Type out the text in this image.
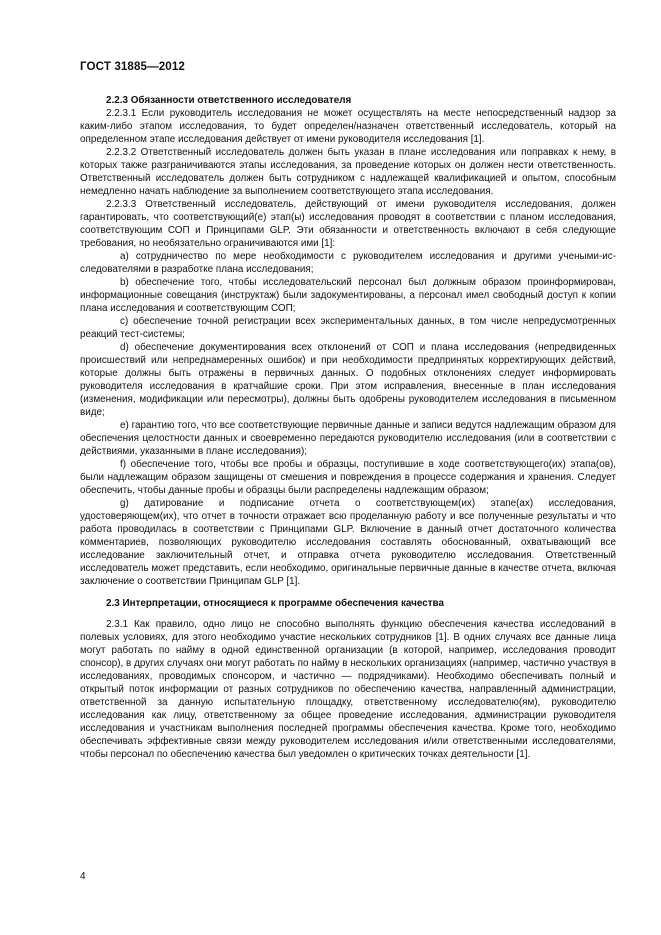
ГОСТ 31885—2012

2.2.3 Обязанности ответственного исследователя

2.2.3.1 Если руководитель исследования не может осуществлять на месте непосредственный надзор за каким-либо этапом исследования, то будет определен/назначен ответственный исследователь, который на определенном этапе исследования действует от имени руководителя исследования [1].

2.2.3.2 Ответственный исследователь должен быть указан в плане исследования или поправках к нему, в которых также разграничиваются этапы исследования, за проведение которых он должен нести ответственность. Ответственный исследователь должен быть сотрудником с надлежащей квалификацией и опытом, способным немедленно начать наблюдение за выполнением соответствующего этапа исследования.

2.2.3.3 Ответственный исследователь, действующий от имени руководителя исследования, должен гарантировать, что соответствующий(е) этап(ы) исследования проводят в соответствии с планом исследования, соответствующим СОП и Принципами GLP. Эти обязанности и ответственность включают в себя следующие требования, но необязательно ограничиваются ими [1]:

а) сотрудничество по мере необходимости с руководителем исследования и другими учеными-исследователями в разработке плана исследования;

b) обеспечение того, чтобы исследовательский персонал был должным образом проинформирован, информационные совещания (инструктаж) были задокументированы, а персонал имел свободный доступ к копии плана исследования и соответствующим СОП;

c) обеспечение точной регистрации всех экспериментальных данных, в том числе непредусмотренных реакций тест-системы;

d) обеспечение документирования всех отклонений от СОП и плана исследования (непредвиденных происшествий или непреднамеренных ошибок) и при необходимости предпринятых корректирующих действий, которые должны быть отражены в первичных данных. О подобных отклонениях следует информировать руководителя исследования в кратчайшие сроки. При этом исправления, внесенные в план исследования (изменения, модификации или пересмотры), должны быть одобрены руководителем исследования в письменном виде;

е) гарантию того, что все соответствующие первичные данные и записи ведутся надлежащим образом для обеспечения целостности данных и своевременно передаются руководителю исследования (или в соответствии с действиями, указанными в плане исследования);

f) обеспечение того, чтобы все пробы и образцы, поступившие в ходе соответствующего(их) этапа(ов), были надлежащим образом защищены от смешения и повреждения в процессе содержания и хранения. Следует обеспечить, чтобы данные пробы и образцы были распределены надлежащим образом;

g) датирование и подписание отчета о соответствующем(их) этапе(ах) исследования, удостоверяющем(их), что отчет в точности отражает всю проделанную работу и все полученные результаты и что работа проводилась в соответствии с Принципами GLP. Включение в данный отчет достаточного количества комментариев, позволяющих руководителю исследования составлять обоснованный, охватывающий все исследование заключительный отчет, и отправка отчета руководителю исследования. Ответственный исследователь может представить, если необходимо, оригинальные первичные данные в качестве отчета, включая заключение о соответствии Принципам GLP [1].

2.3 Интерпретации, относящиеся к программе обеспечения качества

2.3.1 Как правило, одно лицо не способно выполнять функцию обеспечения качества исследований в полевых условиях, для этого необходимо участие нескольких сотрудников [1]. В одних случаях все данные лица могут работать по найму в одной единственной организации (в которой, например, исследования проводит спонсор), в других случаях они могут работать по найму в нескольких организациях (например, частично участвуя в исследованиях, проводимых спонсором, и частично — подрядчиками). Необходимо обеспечивать полный и открытый поток информации от разных сотрудников по обеспечению качества, направленный администрации, ответственной за данную испытательную площадку, ответственному исследователю(ям), руководителю исследования как лицу, ответственному за общее проведение исследования, администрации руководителя исследования и участникам выполнения последней программы обеспечения качества. Кроме того, необходимо обеспечивать эффективные связи между руководителем исследования и/или ответственными исследователями, чтобы персонал по обеспечению качества был уведомлен о критических точках деятельности [1].

4
